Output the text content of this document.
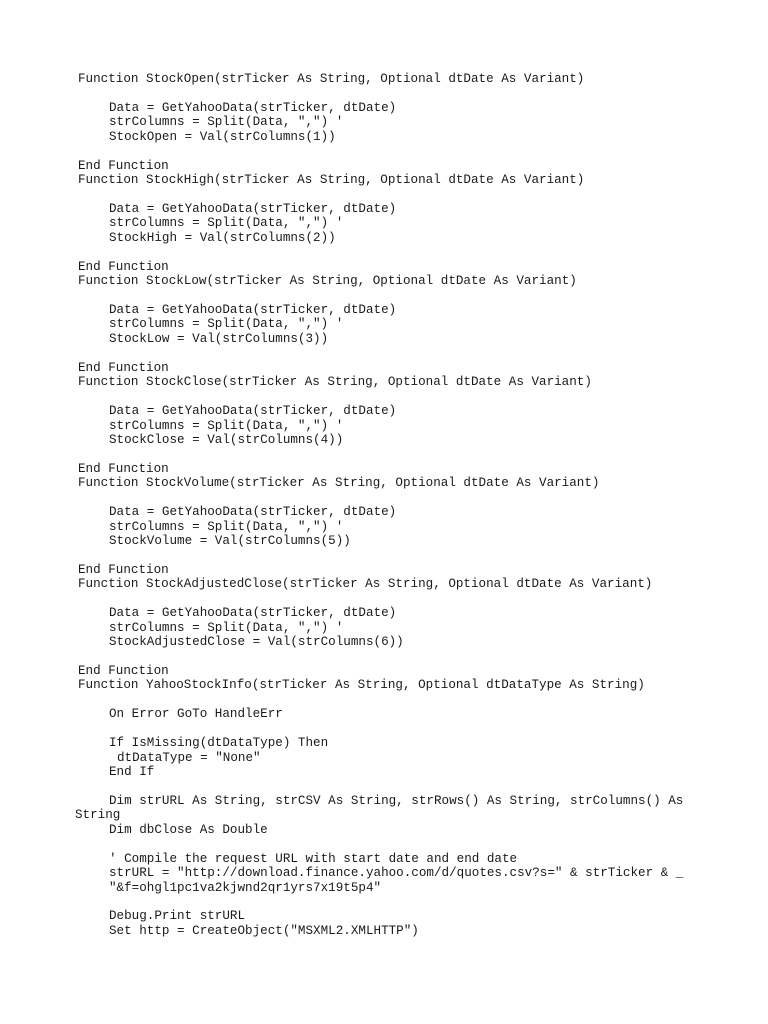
Function StockOpen(strTicker As String, Optional dtDate As Variant)
Data = GetYahooData(strTicker, dtDate)
strColumns = Split(Data, ",") '
StockOpen = Val(strColumns(1))
End Function
Function StockHigh(strTicker As String, Optional dtDate As Variant)
Data = GetYahooData(strTicker, dtDate)
strColumns = Split(Data, ",") '
StockHigh = Val(strColumns(2))
End Function
Function StockLow(strTicker As String, Optional dtDate As Variant)
Data = GetYahooData(strTicker, dtDate)
strColumns = Split(Data, ",") '
StockLow = Val(strColumns(3))
End Function
Function StockClose(strTicker As String, Optional dtDate As Variant)
Data = GetYahooData(strTicker, dtDate)
strColumns = Split(Data, ",") '
StockClose = Val(strColumns(4))
End Function
Function StockVolume(strTicker As String, Optional dtDate As Variant)
Data = GetYahooData(strTicker, dtDate)
strColumns = Split(Data, ",") '
StockVolume = Val(strColumns(5))
End Function
Function StockAdjustedClose(strTicker As String, Optional dtDate As Variant)
Data = GetYahooData(strTicker, dtDate)
strColumns = Split(Data, ",") '
StockAdjustedClose = Val(strColumns(6))
End Function
Function YahooStockInfo(strTicker As String, Optional dtDataType As String)
On Error GoTo HandleErr
If IsMissing(dtDataType) Then
dtDataType = "None"
End If
Dim strURL As String, strCSV As String, strRows() As String, strColumns() As
String
Dim dbClose As Double
' Compile the request URL with start date and end date
strURL = "http://download.finance.yahoo.com/d/quotes.csv?s=" & strTicker & _
"&f=ohgl1pc1va2kjwnd2qr1yrs7x19t5p4"
Debug.Print strURL
Set http = CreateObject("MSXML2.XMLHTTP")
